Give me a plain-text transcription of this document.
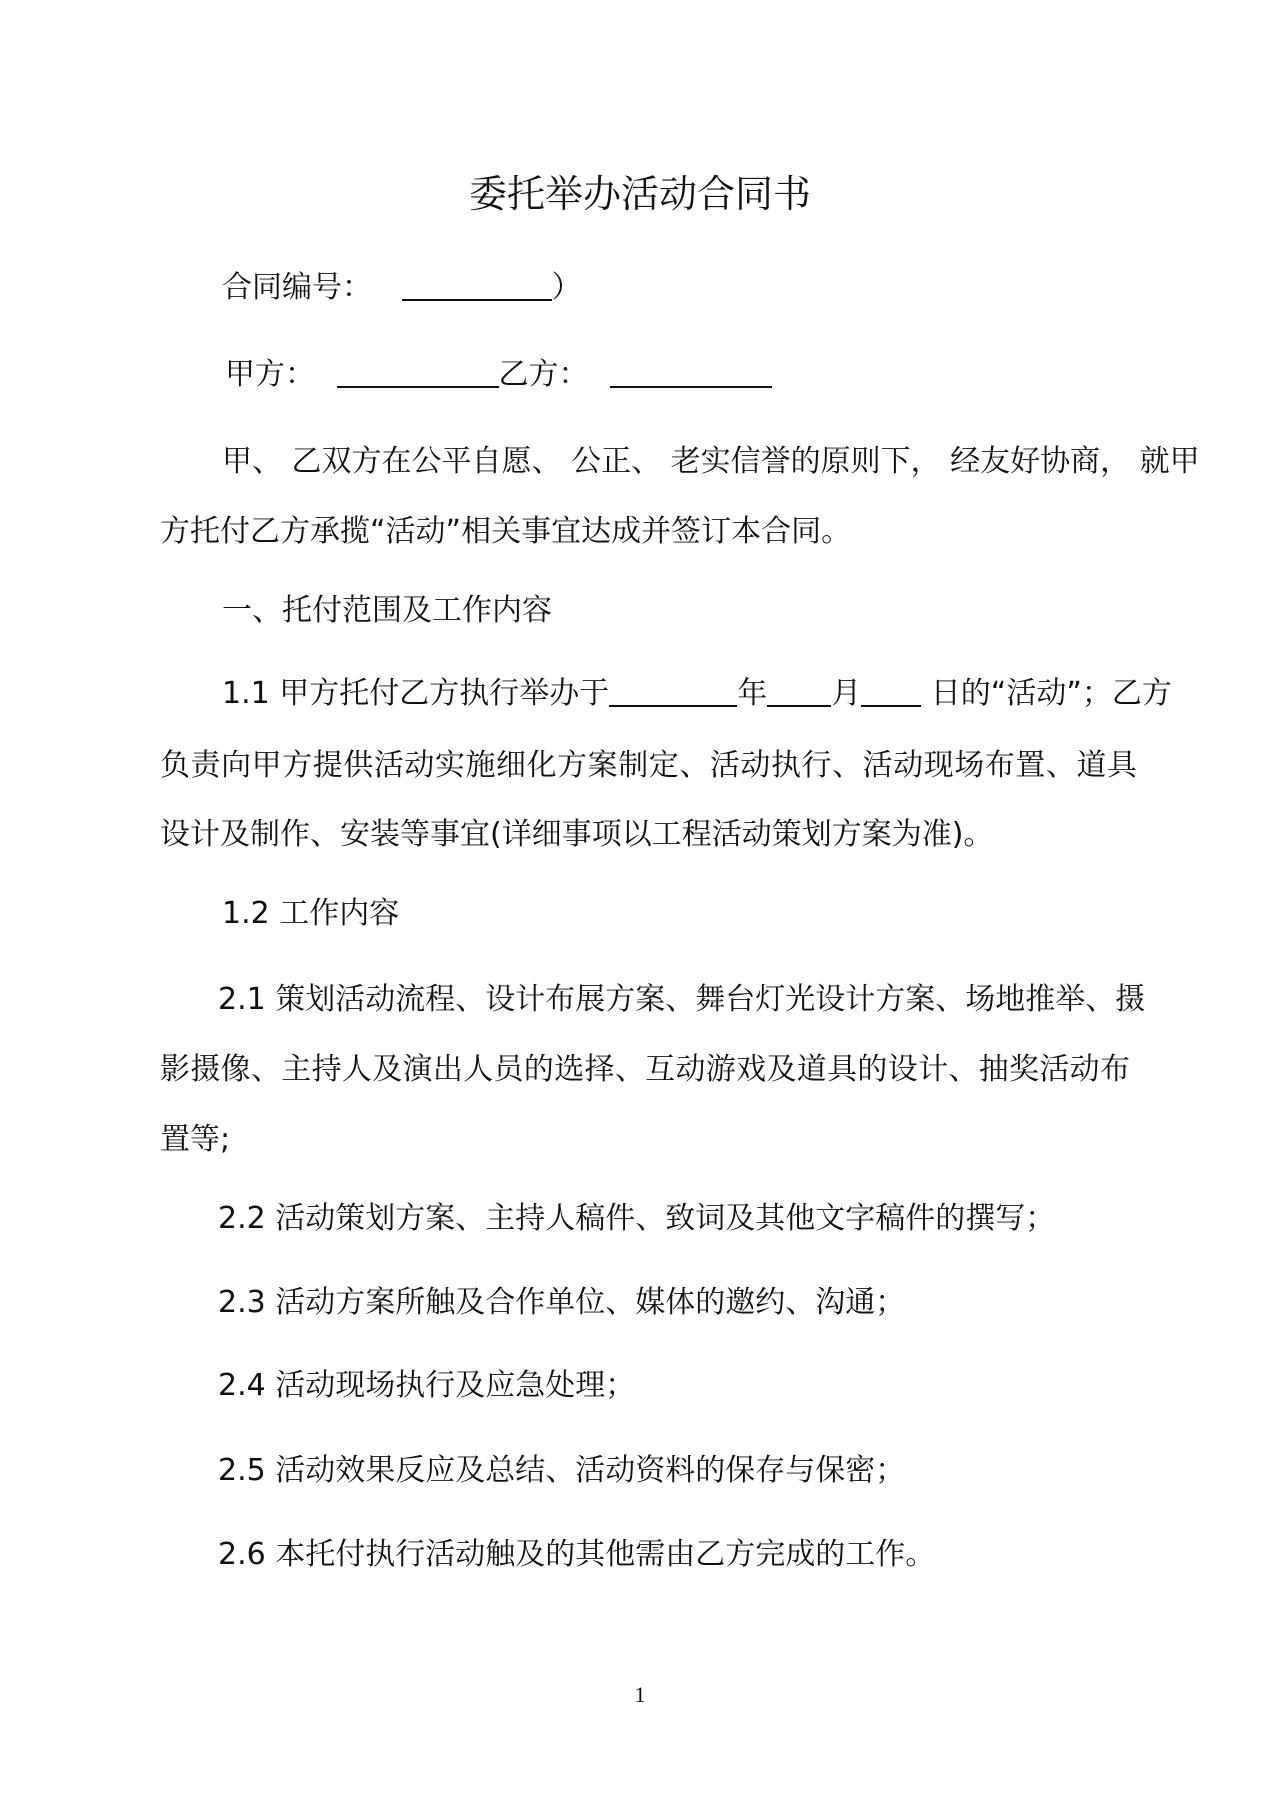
委托举办活动合同书
合同编号：	）
甲方：	乙方：
甲、 乙双方在公平自愿、 公正、 老实信誉的原则下， 经友好协商， 就甲
方托付乙方承揽“活动”相关事宜达成并签订本合同。
一、托付范围及工作内容
1.1 甲方托付乙方执行举办于	年 月 日的“活动”；乙方
负责向甲方提供活动实施细化方案制定、活动执行、活动现场布置、道具
设计及制作、安装等事宜(详细事项以工程活动策划方案为准)。
1.2 工作内容
2.1 策划活动流程、设计布展方案、舞台灯光设计方案、场地推举、摄
影摄像、主持人及演出人员的选择、互动游戏及道具的设计、抽奖活动布
置等;
2.2 活动策划方案、主持人稿件、致词及其他文字稿件的撰写；
2.3 活动方案所触及合作单位、媒体的邀约、沟通；
2.4 活动现场执行及应急处理；
2.5 活动效果反应及总结、活动资料的保存与保密；
2.6 本托付执行活动触及的其他需由乙方完成的工作。
1
